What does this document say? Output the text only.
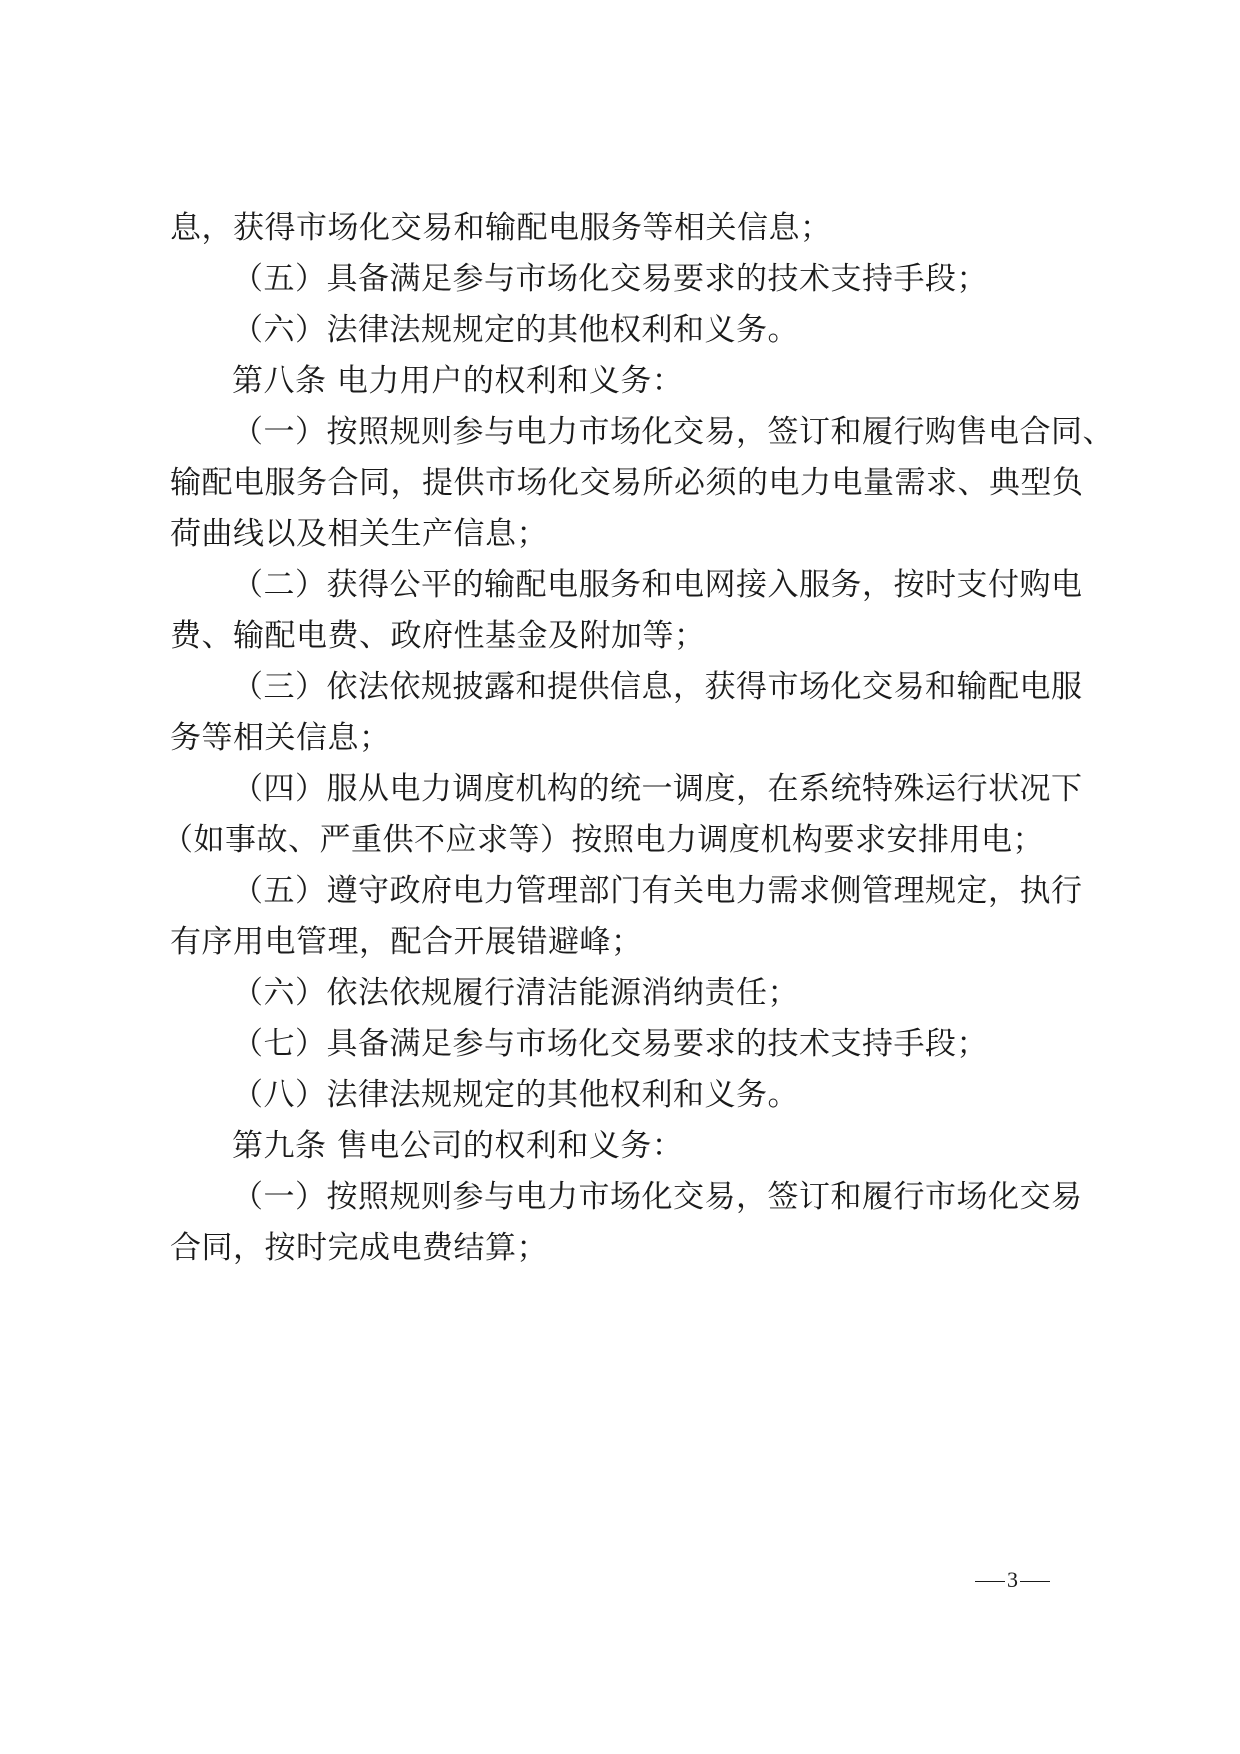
息，获得市场化交易和输配电服务等相关信息；
（五）具备满足参与市场化交易要求的技术支持手段；
（六）法律法规规定的其他权利和义务。
第八条 电力用户的权利和义务：
（一）按照规则参与电力市场化交易，签订和履行购售电合同、
输配电服务合同，提供市场化交易所必须的电力电量需求、典型负
荷曲线以及相关生产信息；
（二）获得公平的输配电服务和电网接入服务，按时支付购电
费、输配电费、政府性基金及附加等；
（三）依法依规披露和提供信息，获得市场化交易和输配电服
务等相关信息；
（四）服从电力调度机构的统一调度，在系统特殊运行状况下
（如事故、严重供不应求等）按照电力调度机构要求安排用电；
（五）遵守政府电力管理部门有关电力需求侧管理规定，执行
有序用电管理，配合开展错避峰；
（六）依法依规履行清洁能源消纳责任；
（七）具备满足参与市场化交易要求的技术支持手段；
（八）法律法规规定的其他权利和义务。
第九条 售电公司的权利和义务：
（一）按照规则参与电力市场化交易，签订和履行市场化交易
合同，按时完成电费结算；
3
